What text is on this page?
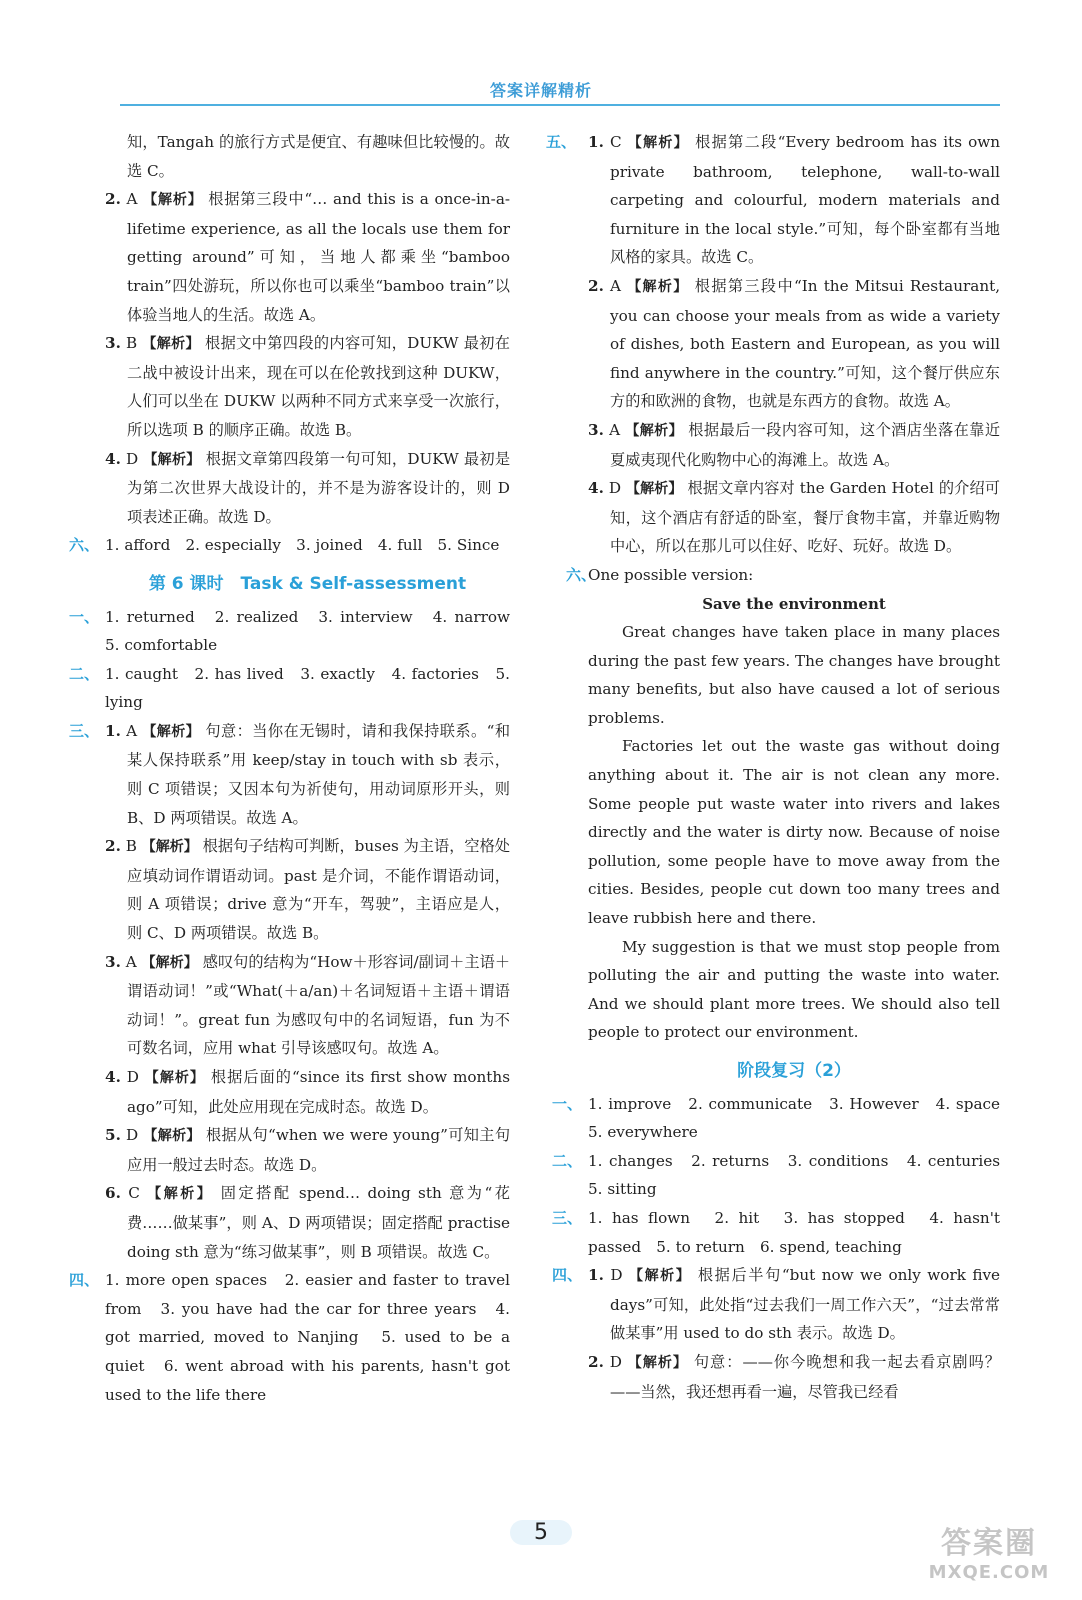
答案详解精析

知，Tangah 的旅行方式是便宜、有趣味但比较慢的。故选 C。

2. A 【解析】 根据第三段中“… and this is a once-in-a-lifetime experience, as all the locals use them for getting around”可知，当地人都乘坐“bamboo train”四处游玩，所以你也可以乘坐“bamboo train”以体验当地人的生活。故选 A。

3. B 【解析】 根据文中第四段的内容可知，DUKW 最初在二战中被设计出来，现在可以在伦敦找到这种 DUKW，人们可以坐在 DUKW 以两种不同方式来享受一次旅行，所以选项 B 的顺序正确。故选 B。

4. D 【解析】 根据文章第四段第一句可知，DUKW 最初是为第二次世界大战设计的，并不是为游客设计的，则 D 项表述正确。故选 D。

六、 1. afford　2. especially　3. joined　4. full　5. Since

第 6 课时　Task & Self-assessment
一、 1. returned　2. realized　3. interview　4. narrow　5. comfortable

二、 1. caught　2. has lived　3. exactly　4. factories　5. lying

三、 1. A 【解析】 句意：当你在无锡时，请和我保持联系。“和某人保持联系”用 keep/stay in touch with sb 表示，则 C 项错误；又因本句为祈使句，用动词原形开头，则 B、D 两项错误。故选 A。

2. B 【解析】 根据句子结构可判断，buses 为主语，空格处应填动词作谓语动词。past 是介词，不能作谓语动词，则 A 项错误；drive 意为“开车，驾驶”，主语应是人，则 C、D 两项错误。故选 B。

3. A 【解析】 感叹句的结构为“How＋形容词/副词＋主语＋谓语动词！”或“What(＋a/an)＋名词短语＋主语＋谓语动词！”。great fun 为感叹句中的名词短语，fun 为不可数名词，应用 what 引导该感叹句。故选 A。

4. D 【解析】 根据后面的“since its first show months ago”可知，此处应用现在完成时态。故选 D。

5. D 【解析】 根据从句“when we were young”可知主句应用一般过去时态。故选 D。

6. C 【解析】 固定搭配 spend… doing sth 意为“花费……做某事”，则 A、D 两项错误；固定搭配 practise doing sth 意为“练习做某事”，则 B 项错误。故选 C。

四、 1. more open spaces　2. easier and faster to travel from　3. you have had the car for three years　4. got married, moved to Nanjing　5. used to be a quiet　6. went abroad with his parents, hasn't got used to the life there

五、 1. C 【解析】 根据第二段“Every bedroom has its own private bathroom, telephone, wall-to-wall carpeting and colourful, modern materials and furniture in the local style.”可知，每个卧室都有当地风格的家具。故选 C。

2. A 【解析】 根据第三段中“In the Mitsui Restaurant, you can choose your meals from as wide a variety of dishes, both Eastern and European, as you will find anywhere in the country.”可知，这个餐厅供应东方的和欧洲的食物，也就是东西方的食物。故选 A。

3. A 【解析】 根据最后一段内容可知，这个酒店坐落在靠近夏威夷现代化购物中心的海滩上。故选 A。

4. D 【解析】 根据文章内容对 the Garden Hotel 的介绍可知，这个酒店有舒适的卧室，餐厅食物丰富，并靠近购物中心，所以在那儿可以住好、吃好、玩好。故选 D。

六、

One possible version:

Save the environment

Great changes have taken place in many places during the past few years. The changes have brought many benefits, but also have caused a lot of serious problems.

Factories let out the waste gas without doing anything about it. The air is not clean any more. Some people put waste water into rivers and lakes directly and the water is dirty now. Because of noise pollution, some people have to move away from the cities. Besides, people cut down too many trees and leave rubbish here and there.

My suggestion is that we must stop people from polluting the air and putting the waste into water. And we should plant more trees. We should also tell people to protect our environment.

阶段复习（2）
一、 1. improve　2. communicate　3. However　4. space　5. everywhere

二、 1. changes　2. returns　3. conditions　4. centuries　5. sitting

三、 1. has flown　2. hit　3. has stopped　4. hasn't passed　5. to return　6. spend, teaching

四、 1. D 【解析】 根据后半句“but now we only work five days”可知，此处指“过去我们一周工作六天”，“过去常常做某事”用 used to do sth 表示。故选 D。

2. D 【解析】 句意：——你今晚想和我一起去看京剧吗？——当然，我还想再看一遍，尽管我已经看

5	答案圈
MXQE.COM
